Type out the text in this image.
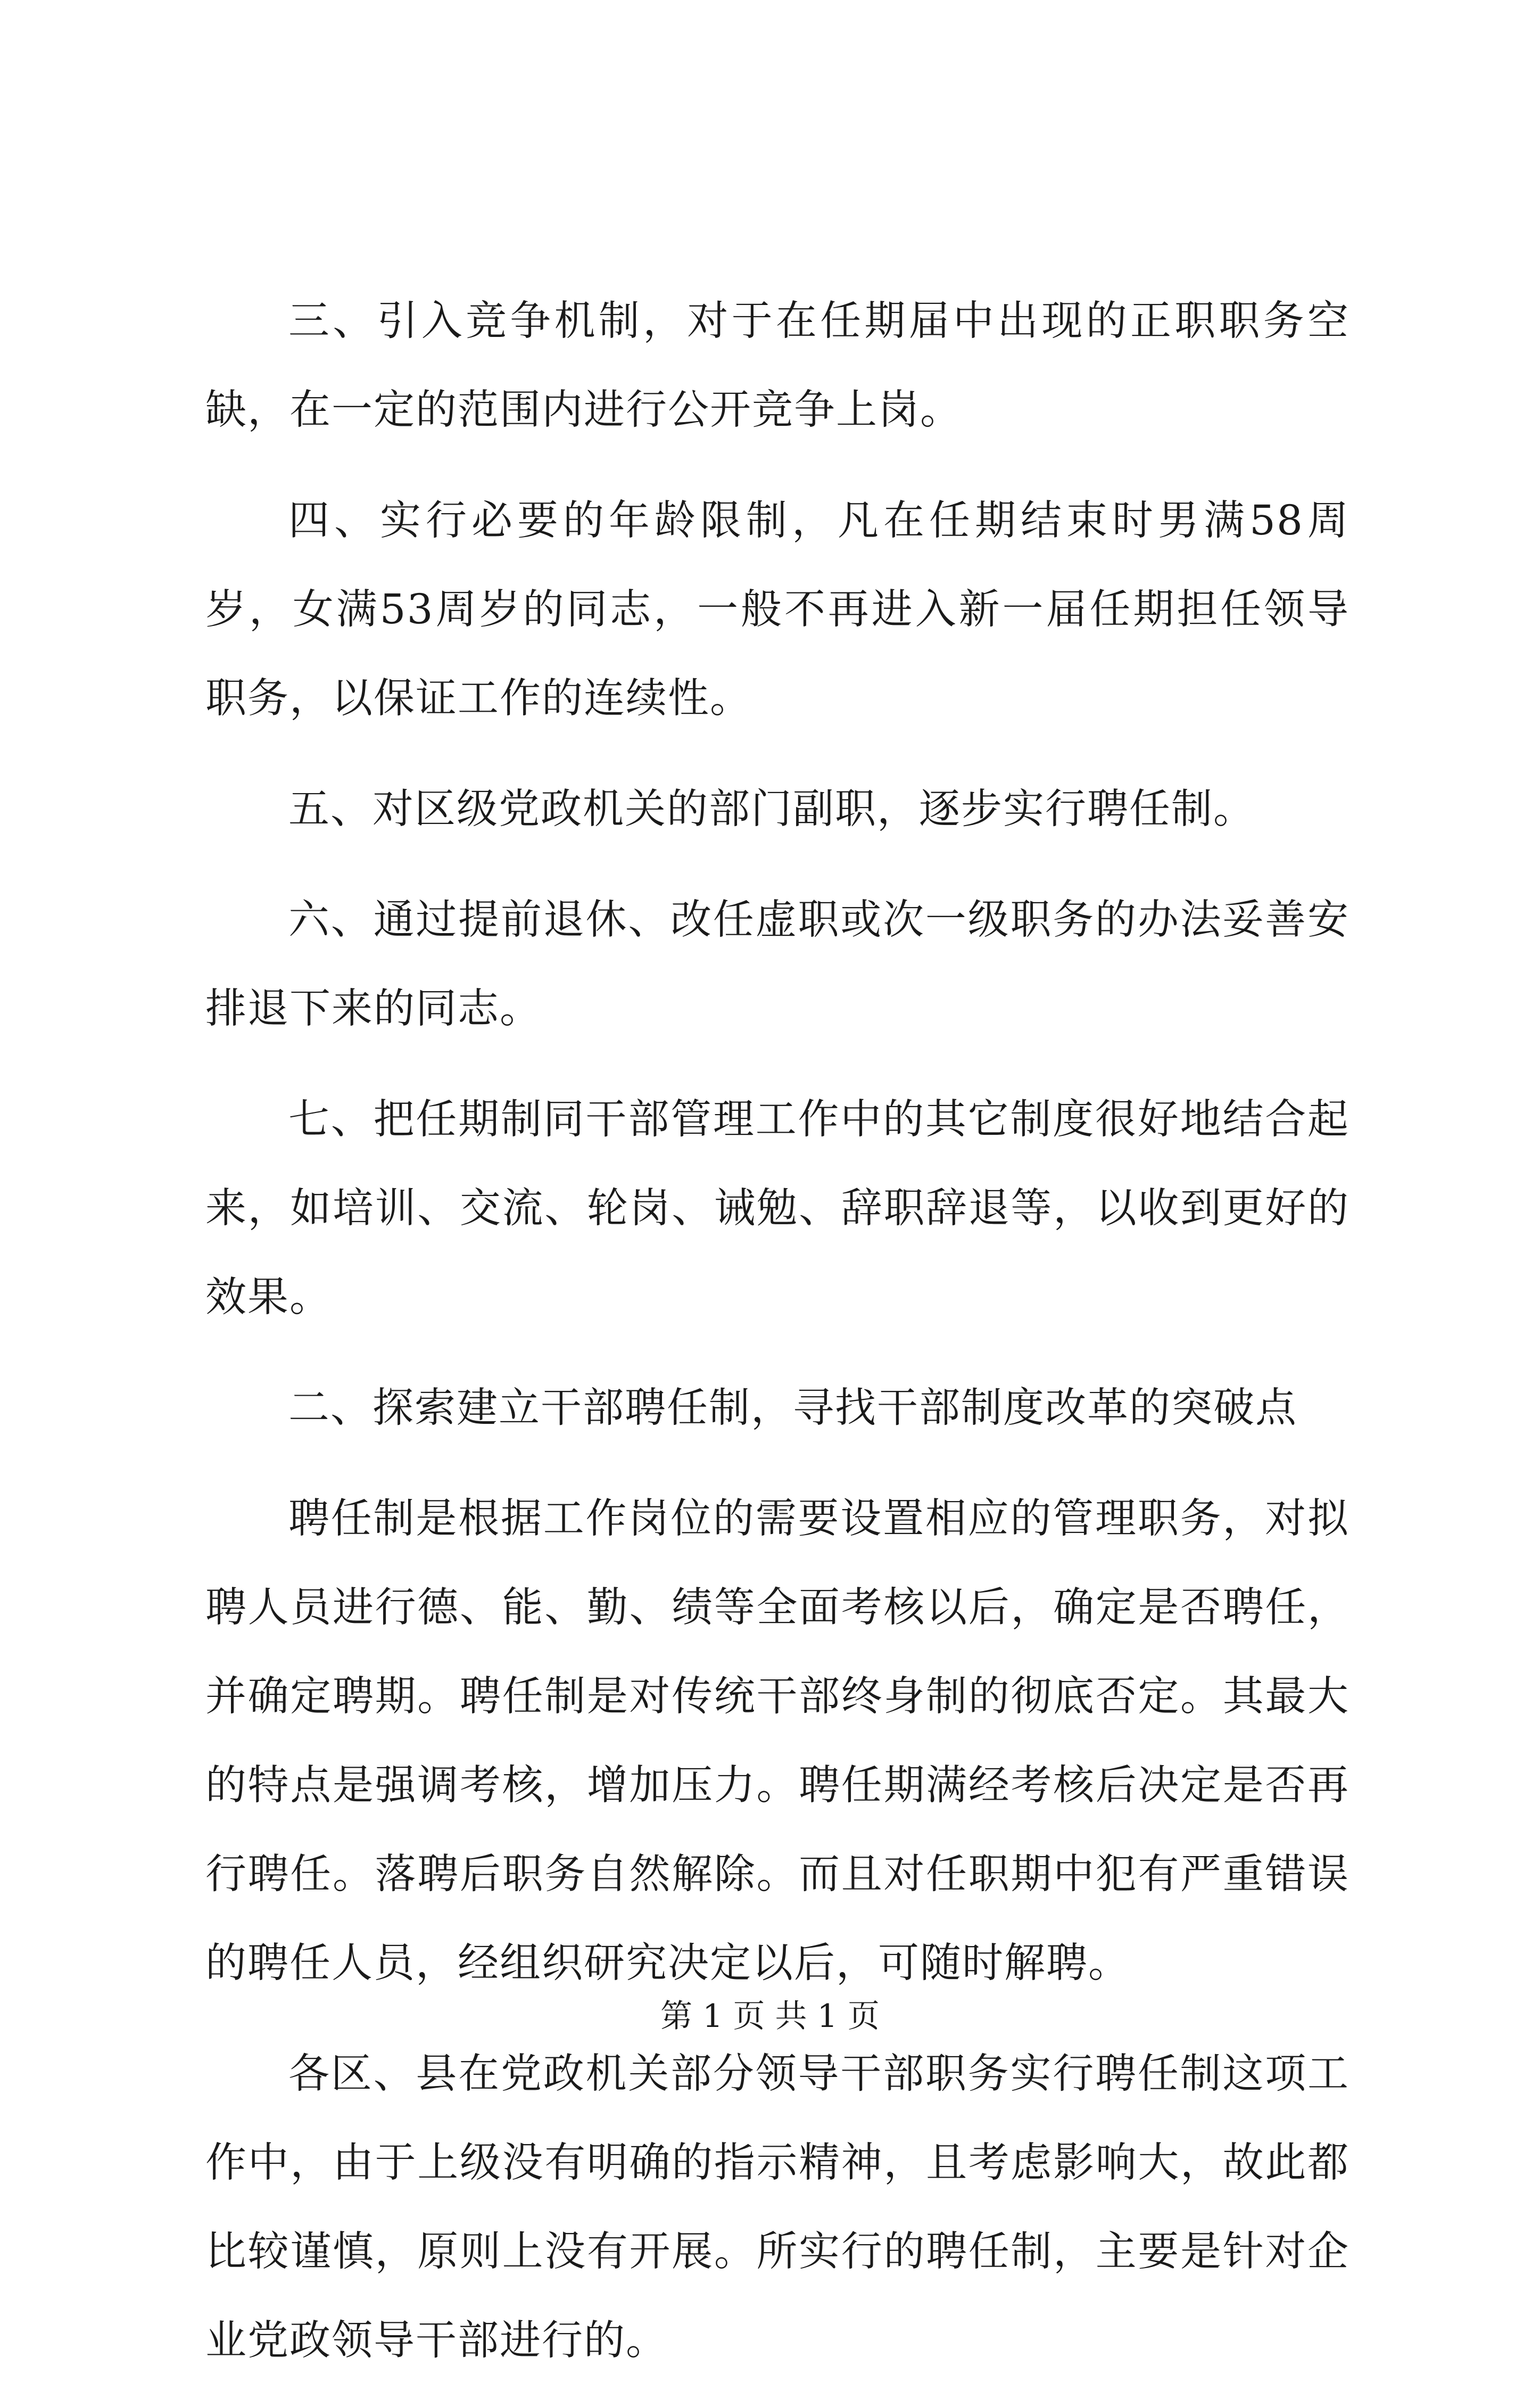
三、引入竞争机制，对于在任期届中出现的正职职务空缺，在一定的范围内进行公开竞争上岗。

四、实行必要的年龄限制，凡在任期结束时男满58周岁，女满53周岁的同志，一般不再进入新一届任期担任领导职务，以保证工作的连续性。

五、对区级党政机关的部门副职，逐步实行聘任制。

六、通过提前退休、改任虚职或次一级职务的办法妥善安排退下来的同志。

七、把任期制同干部管理工作中的其它制度很好地结合起来，如培训、交流、轮岗、诫勉、辞职辞退等，以收到更好的效果。

二、探索建立干部聘任制，寻找干部制度改革的突破点

聘任制是根据工作岗位的需要设置相应的管理职务，对拟聘人员进行德、能、勤、绩等全面考核以后，确定是否聘任，并确定聘期。聘任制是对传统干部终身制的彻底否定。其最大的特点是强调考核，增加压力。聘任期满经考核后决定是否再行聘任。落聘后职务自然解除。而且对任职期中犯有严重错误的聘任人员，经组织研究决定以后，可随时解聘。

各区、县在党政机关部分领导干部职务实行聘任制这项工作中，由于上级没有明确的指示精神，且考虑影响大，故此都比较谨慎，原则上没有开展。所实行的聘任制，主要是针对企业党政领导干部进行的。

第 1 页 共 1 页
